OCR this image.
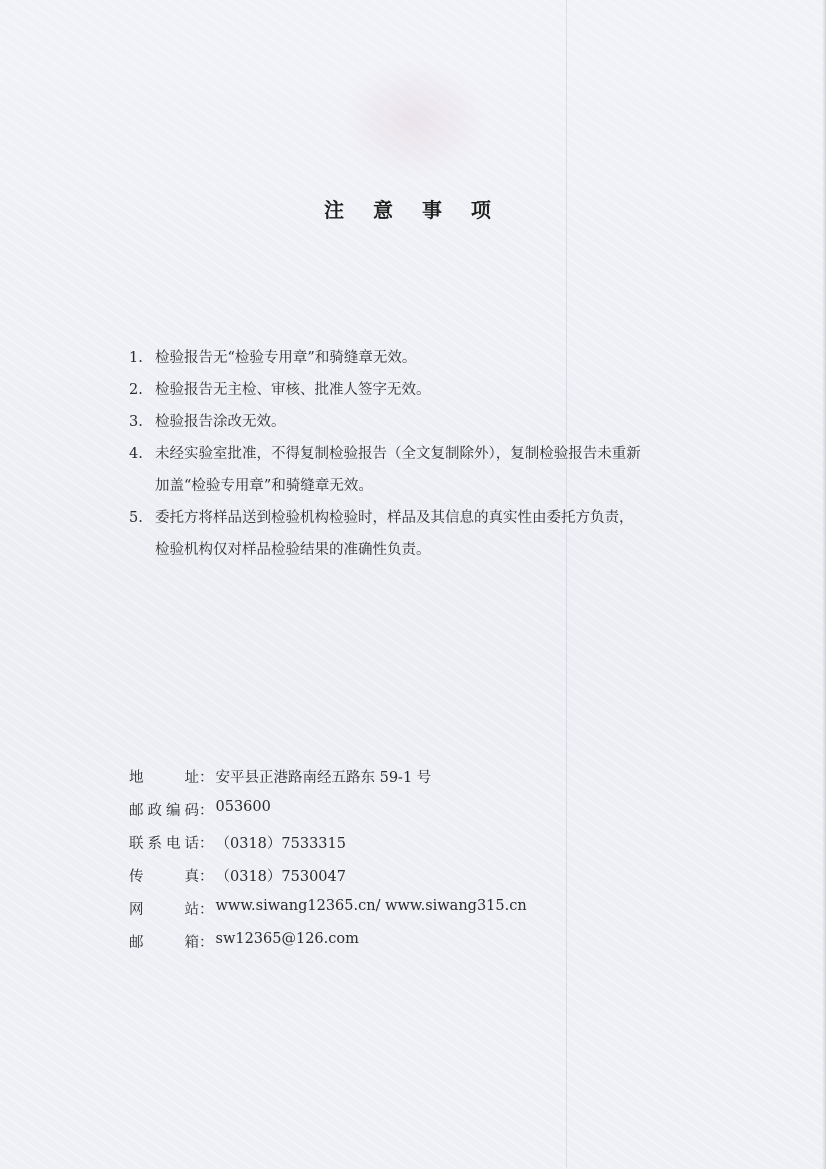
注 意 事 项
1. 检验报告无“检验专用章”和骑缝章无效。
2. 检验报告无主检、审核、批准人签字无效。
3. 检验报告涂改无效。
4. 未经实验室批准，不得复制检验报告（全文复制除外），复制检验报告未重新
加盖“检验专用章”和骑缝章无效。
5. 委托方将样品送到检验机构检验时，样品及其信息的真实性由委托方负责，
检验机构仅对样品检验结果的准确性负责。
地址 ： 安平县正港路南经五路东 59-1 号
邮政编码 ： 053600
联系电话 ： （0318）7533315
传真 ： （0318）7530047
网站 ： www.siwang12365.cn/ www.siwang315.cn
邮箱 ： sw12365@126.com
